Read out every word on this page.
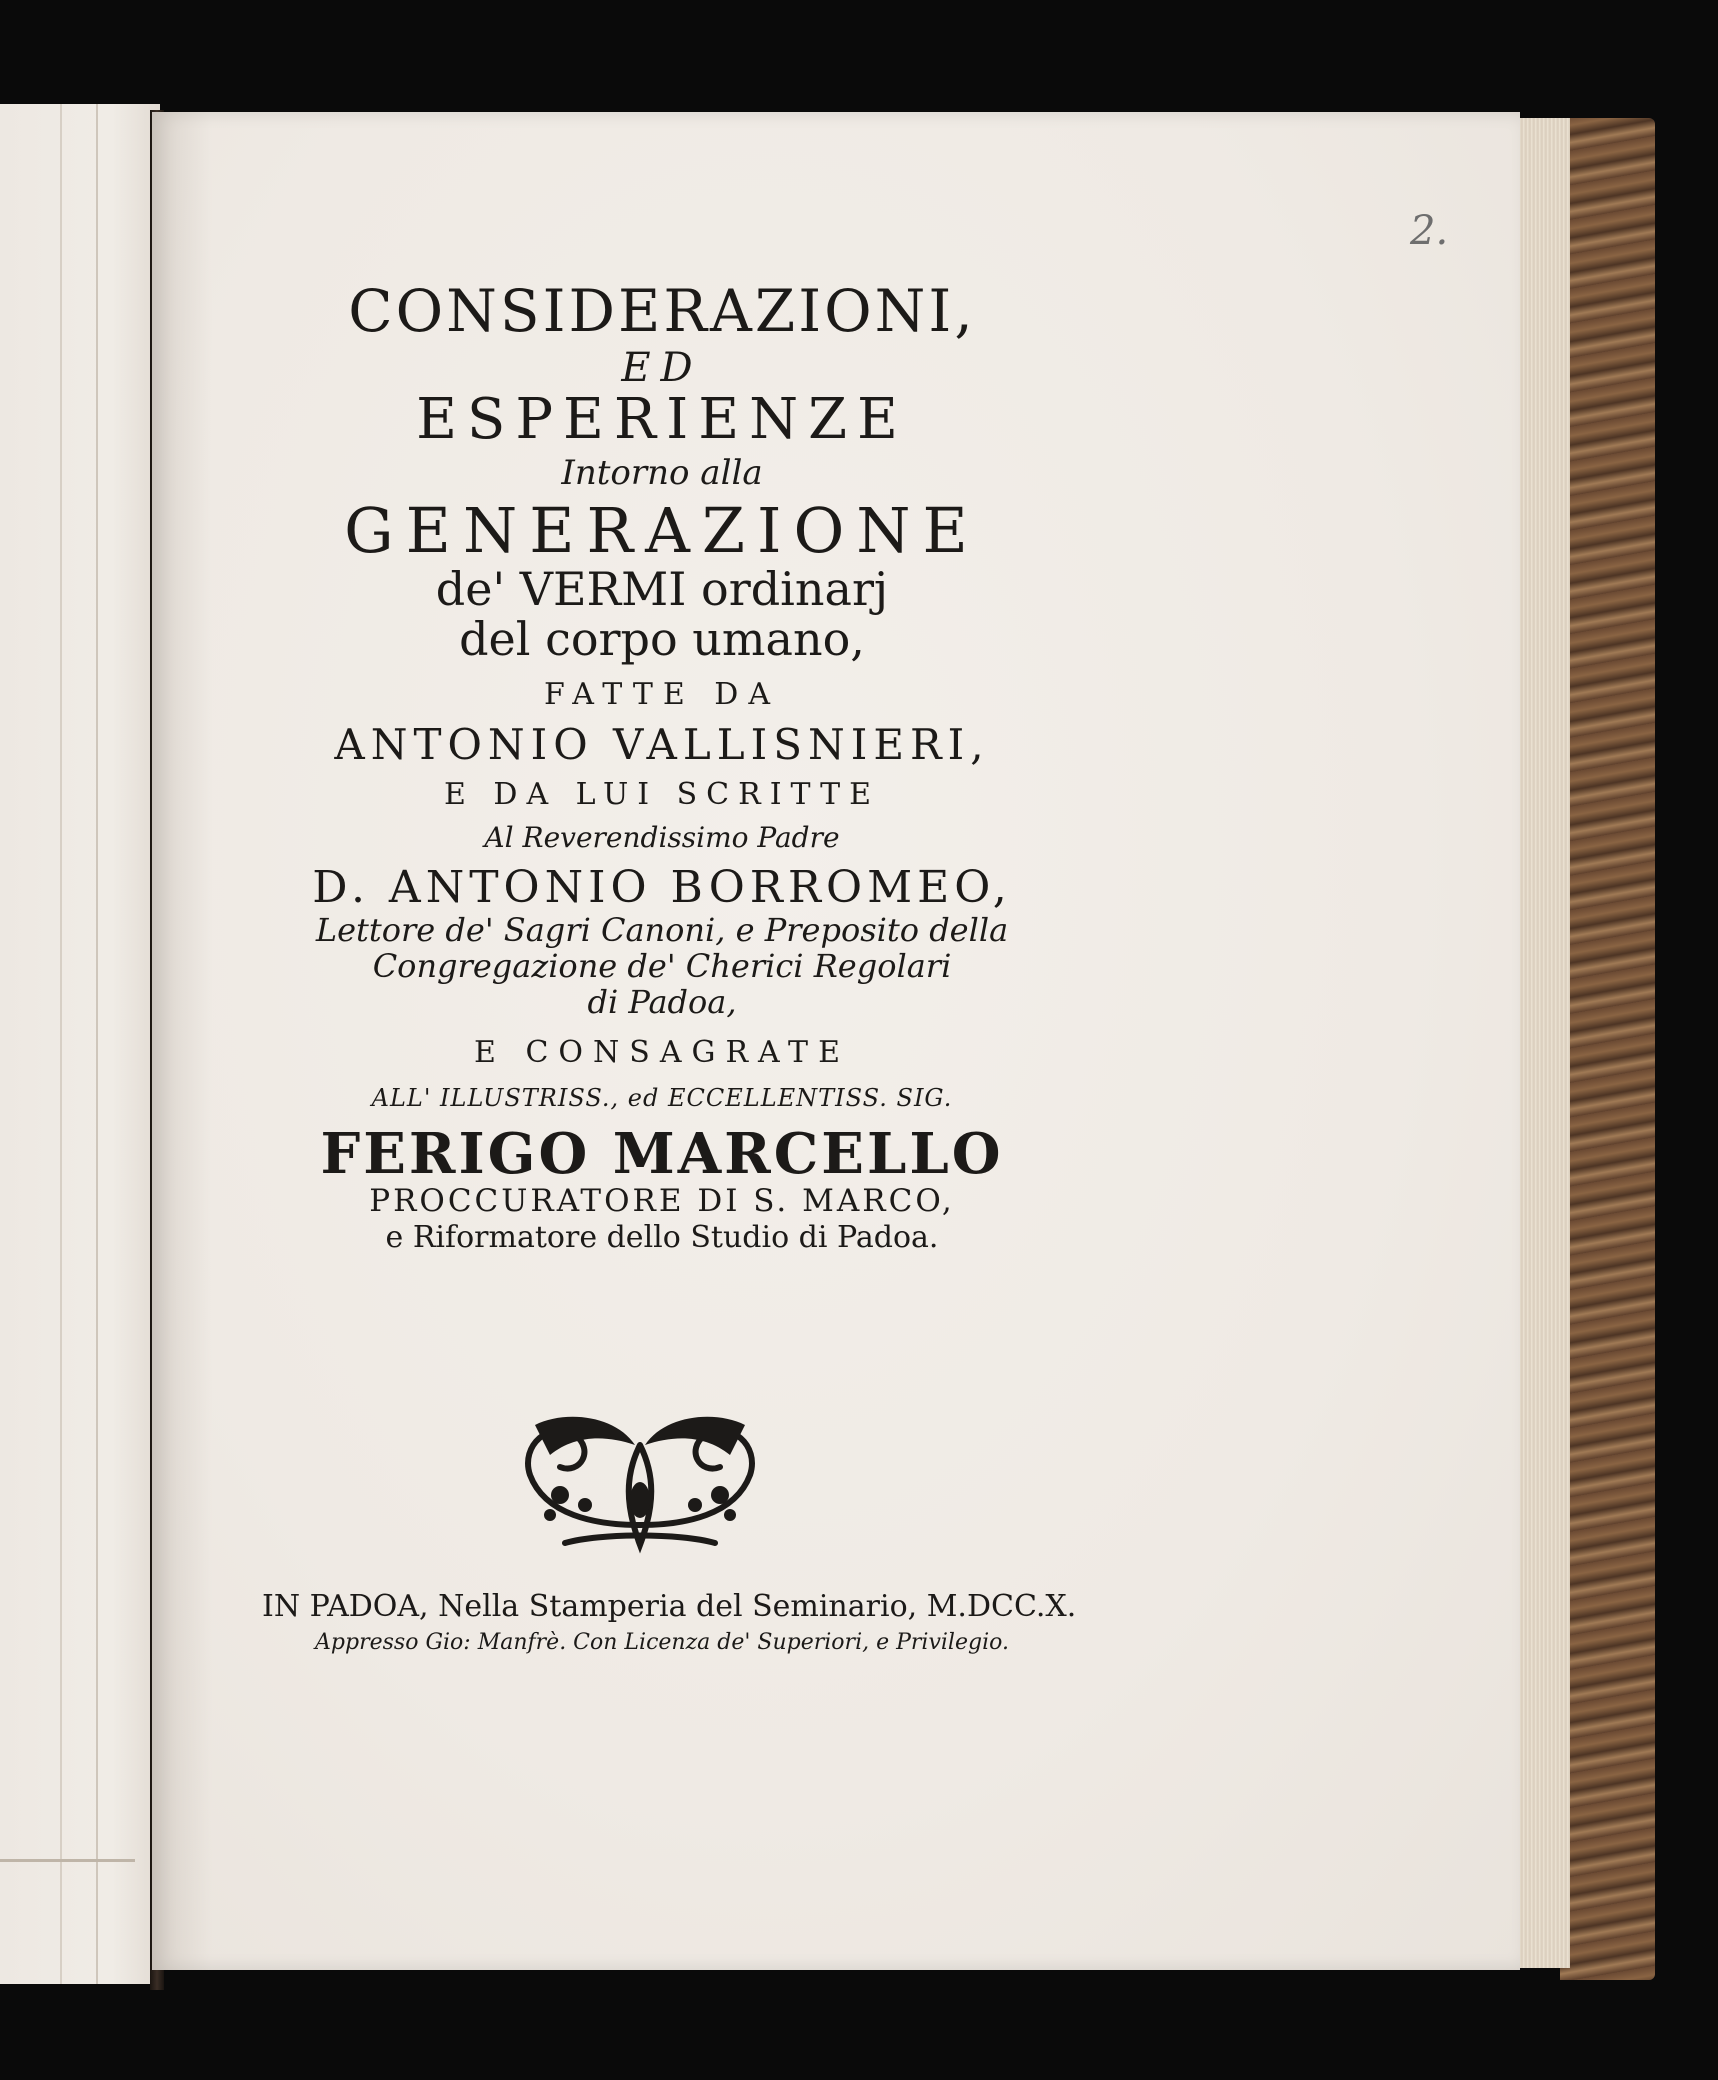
2.
CONSIDERAZIONI,
ED
ESPERIENZE
Intorno alla
GENERAZIONE
de' VERMI ordinarj
del corpo umano,
FATTE DA
ANTONIO VALLISNIERI,
E DA LUI SCRITTE
Al Reverendissimo Padre
D. ANTONIO BORROMEO,
Lettore de' Sagri Canoni, e Preposito della
Congregazione de' Cherici Regolari
di Padoa,
E CONSAGRATE
ALL' ILLUSTRISS., ed ECCELLENTISS. SIG.
FERIGO MARCELLO
PROCCURATORE DI S. MARCO,
e Riformatore dello Studio di Padoa.
IN PADOA, Nella Stamperia del Seminario, M.DCC.X.
Appresso Gio: Manfrè. Con Licenza de' Superiori, e Privilegio.
